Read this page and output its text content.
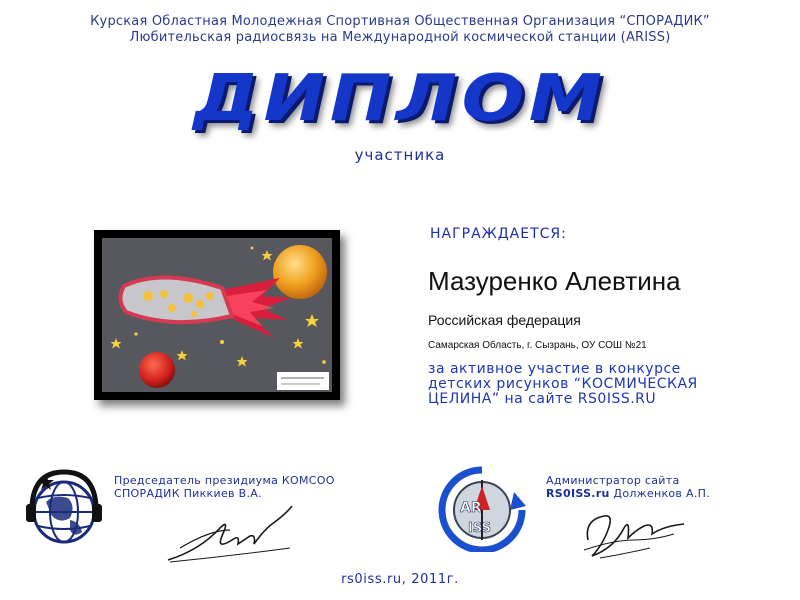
Курская Областная Молодежная Спортивная Общественная Организация “СПОРАДИК”
Любительская радиосвязь на Международной космической станции (ARISS)
ДИПЛОМ
участника
НАГРАЖДАЕТСЯ:
Мазуренко Алевтина
Российская федерация
Самарская Область, г. Сызрань, ОУ СОШ №21
за активное участие в конкурсе
детских рисунков “КОСМИЧЕСКАЯ
ЦЕЛИНА” на сайте RS0ISS.RU
Председатель президиума КОМСОО
СПОРАДИК Пиккиев В.А.
AR
ISS
Администратор сайта
RS0ISS.ru Долженков А.П.
rs0iss.ru, 2011г.
